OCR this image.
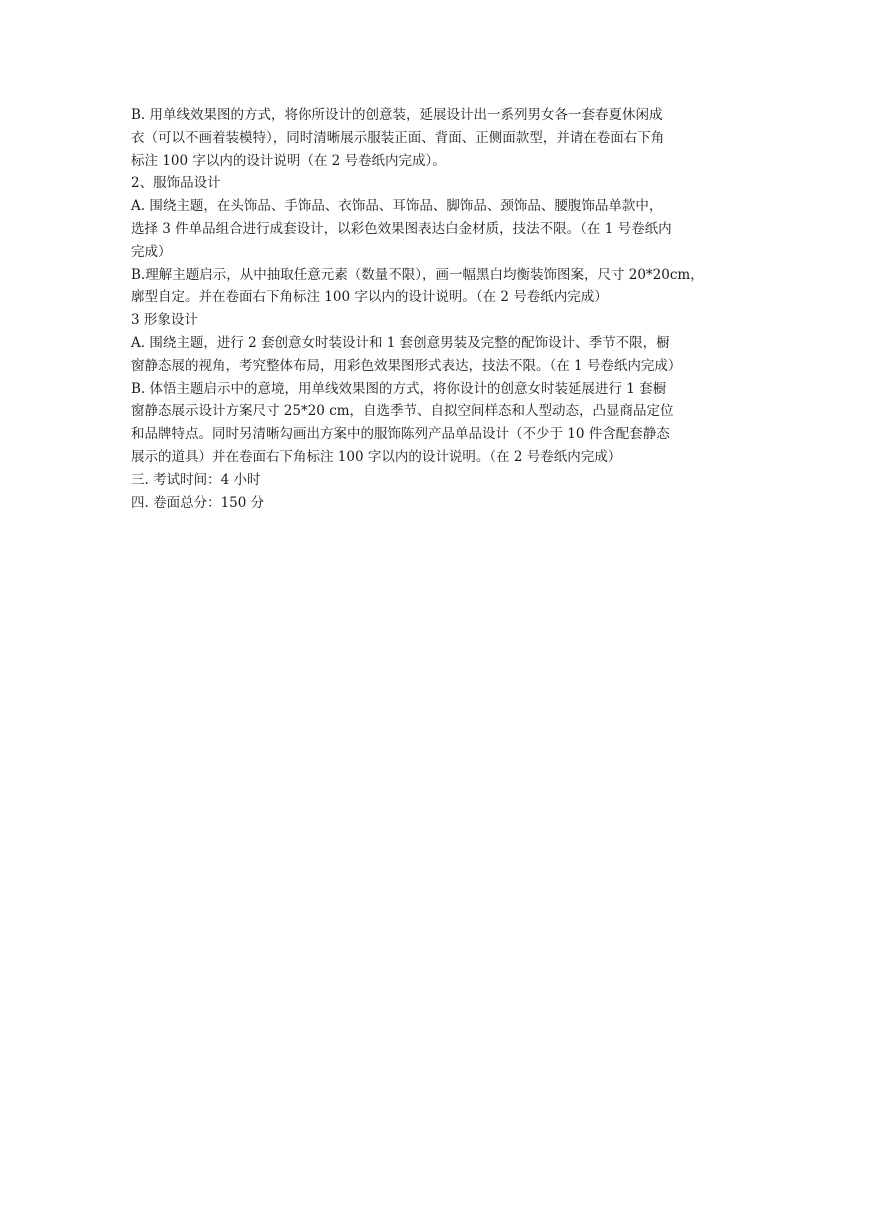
B. 用单线效果图的方式，将你所设计的创意装，延展设计出一系列男女各一套春夏休闲成
衣（可以不画着装模特），同时清晰展示服装正面、背面、正侧面款型，并请在卷面右下角
标注 100 字以内的设计说明（在 2 号卷纸内完成）。
2、服饰品设计
A. 围绕主题，在头饰品、手饰品、衣饰品、耳饰品、脚饰品、颈饰品、腰腹饰品单款中，
选择 3 件单品组合进行成套设计，以彩色效果图表达白金材质，技法不限。（在 1 号卷纸内
完成）
B.理解主题启示，从中抽取任意元素（数量不限），画一幅黑白均衡装饰图案，尺寸 20*20cm，
廓型自定。并在卷面右下角标注 100 字以内的设计说明。（在 2 号卷纸内完成）
3 形象设计
A. 围绕主题，进行 2 套创意女时装设计和 1 套创意男装及完整的配饰设计、季节不限，橱
窗静态展的视角，考究整体布局，用彩色效果图形式表达，技法不限。（在 1 号卷纸内完成）
B. 体悟主题启示中的意境，用单线效果图的方式，将你设计的创意女时装延展进行 1 套橱
窗静态展示设计方案尺寸 25*20 cm，自选季节、自拟空间样态和人型动态，凸显商品定位
和品牌特点。同时另清晰勾画出方案中的服饰陈列产品单品设计（不少于 10 件含配套静态
展示的道具）并在卷面右下角标注 100 字以内的设计说明。（在 2 号卷纸内完成）
三. 考试时间：4 小时
四. 卷面总分：150 分
